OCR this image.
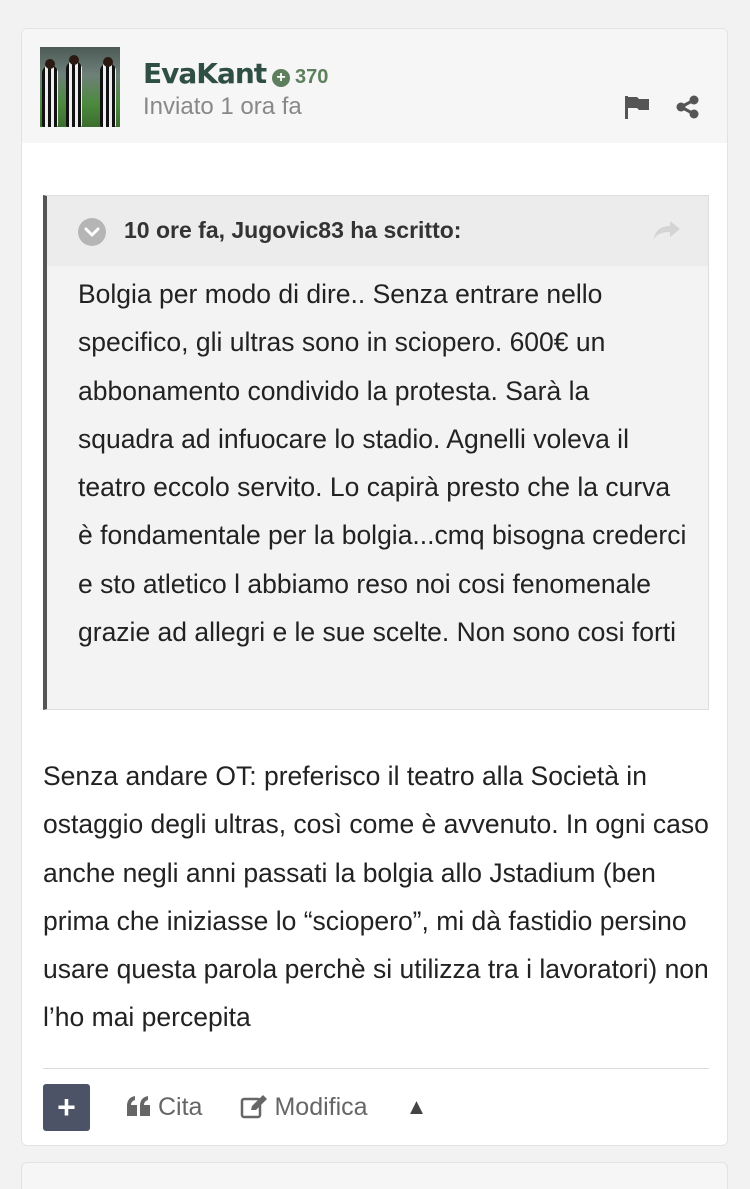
EvaKant + 370
Inviato 1 ora fa
10 ore fa, Jugovic83 ha scritto:

Bolgia per modo di dire.. Senza entrare nello specifico, gli ultras sono in sciopero. 600€ un abbonamento condivido la protesta. Sarà la squadra ad infuocare lo stadio. Agnelli voleva il teatro eccolo servito. Lo capirà presto che la curva è fondamentale per la bolgia...cmq bisogna crederci e sto atletico l abbiamo reso noi cosi fenomenale grazie ad allegri e le sue scelte. Non sono cosi forti

Senza andare OT: preferisco il teatro alla Società in ostaggio degli ultras, così come è avvenuto. In ogni caso anche negli anni passati la bolgia allo Jstadium (ben prima che iniziasse lo “sciopero”, mi dà fastidio persino usare questa parola perchè si utilizza tra i lavoratori) non l’ho mai percepita

+	Cita	Modifica ▲
